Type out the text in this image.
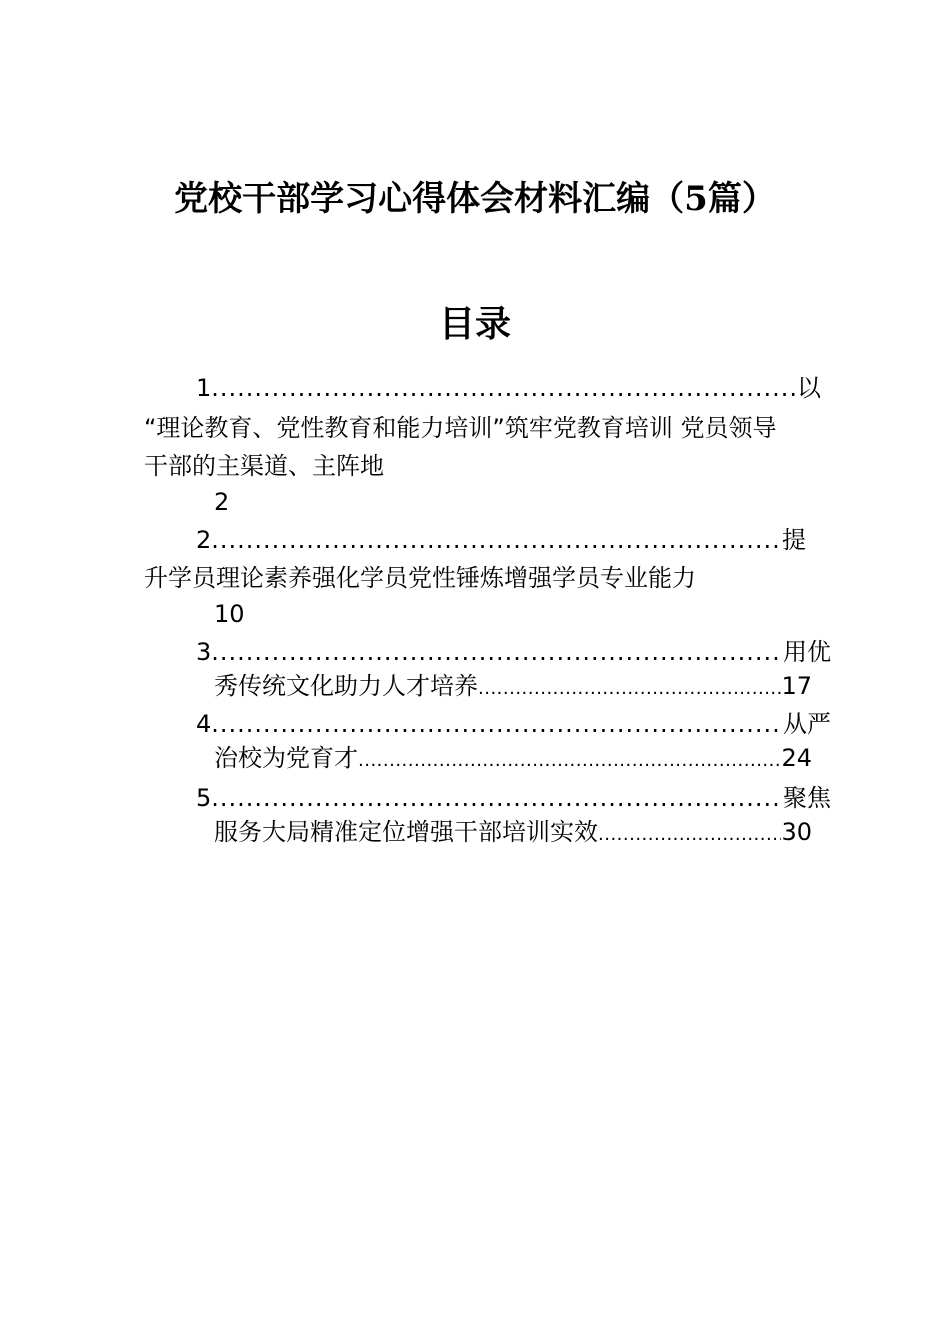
党校干部学习心得体会材料汇编（5篇）
目录
1 .....	以
“理论教育、党性教育和能力培训”筑牢党教育培训 党员领导
干部的主渠道、主阵地
2
2 .....	提
升学员理论素养强化学员党性锤炼增强学员专业能力
10
3 .....	用优
秀传统文化助力人才培养 .....	17
4 .....	从严
治校为党育才 .....	24
5 .....	聚焦
服务大局精准定位增强干部培训实效 .....	30
